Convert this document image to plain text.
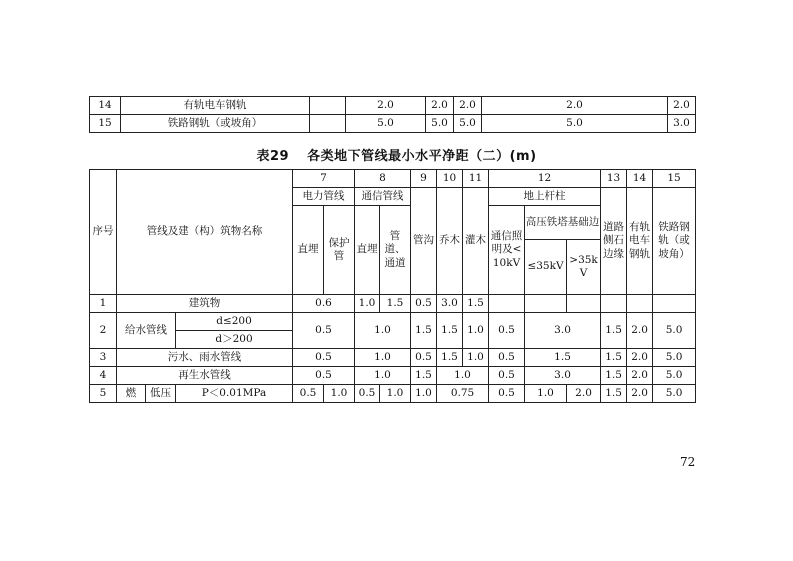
14	有轨电车钢轨		2.0	2.0	2.0	2.0	2.0
15	铁路钢轨（或坡角）		5.0	5.0	5.0	5.0	3.0
表29 各类地下管线最小水平净距（二）(m)
序号	管线及建（构）筑物名称			7		8		9	10	11	12			13	14	15
				电力管线		通信管线		管沟	乔木	灌木	地上杆柱			道路侧石边缘	有轨电车钢轨	铁路钢轨（或坡角）
				直埋	保护管	直埋	管道、通道				通信照明及<10kV	高压铁塔基础边				
												≤35kV	>35kV			
1	建筑物			0.6		1.0	1.5	0.5	3.0	1.5						
2	给水管线		d≤200	0.5		1.0		1.5	1.5	1.0	0.5	3.0		1.5	2.0	5.0
			d＞200													
3	污水、雨水管线			0.5		1.0		0.5	1.5	1.0	0.5	1.5		1.5	2.0	5.0
4	再生水管线			0.5		1.0		1.5	1.0		0.5	3.0		1.5	2.0	5.0
5	燃	低压	P＜0.01MPa	0.5	1.0	0.5	1.0	1.0	0.75		0.5	1.0	2.0	1.5	2.0	5.0
72
